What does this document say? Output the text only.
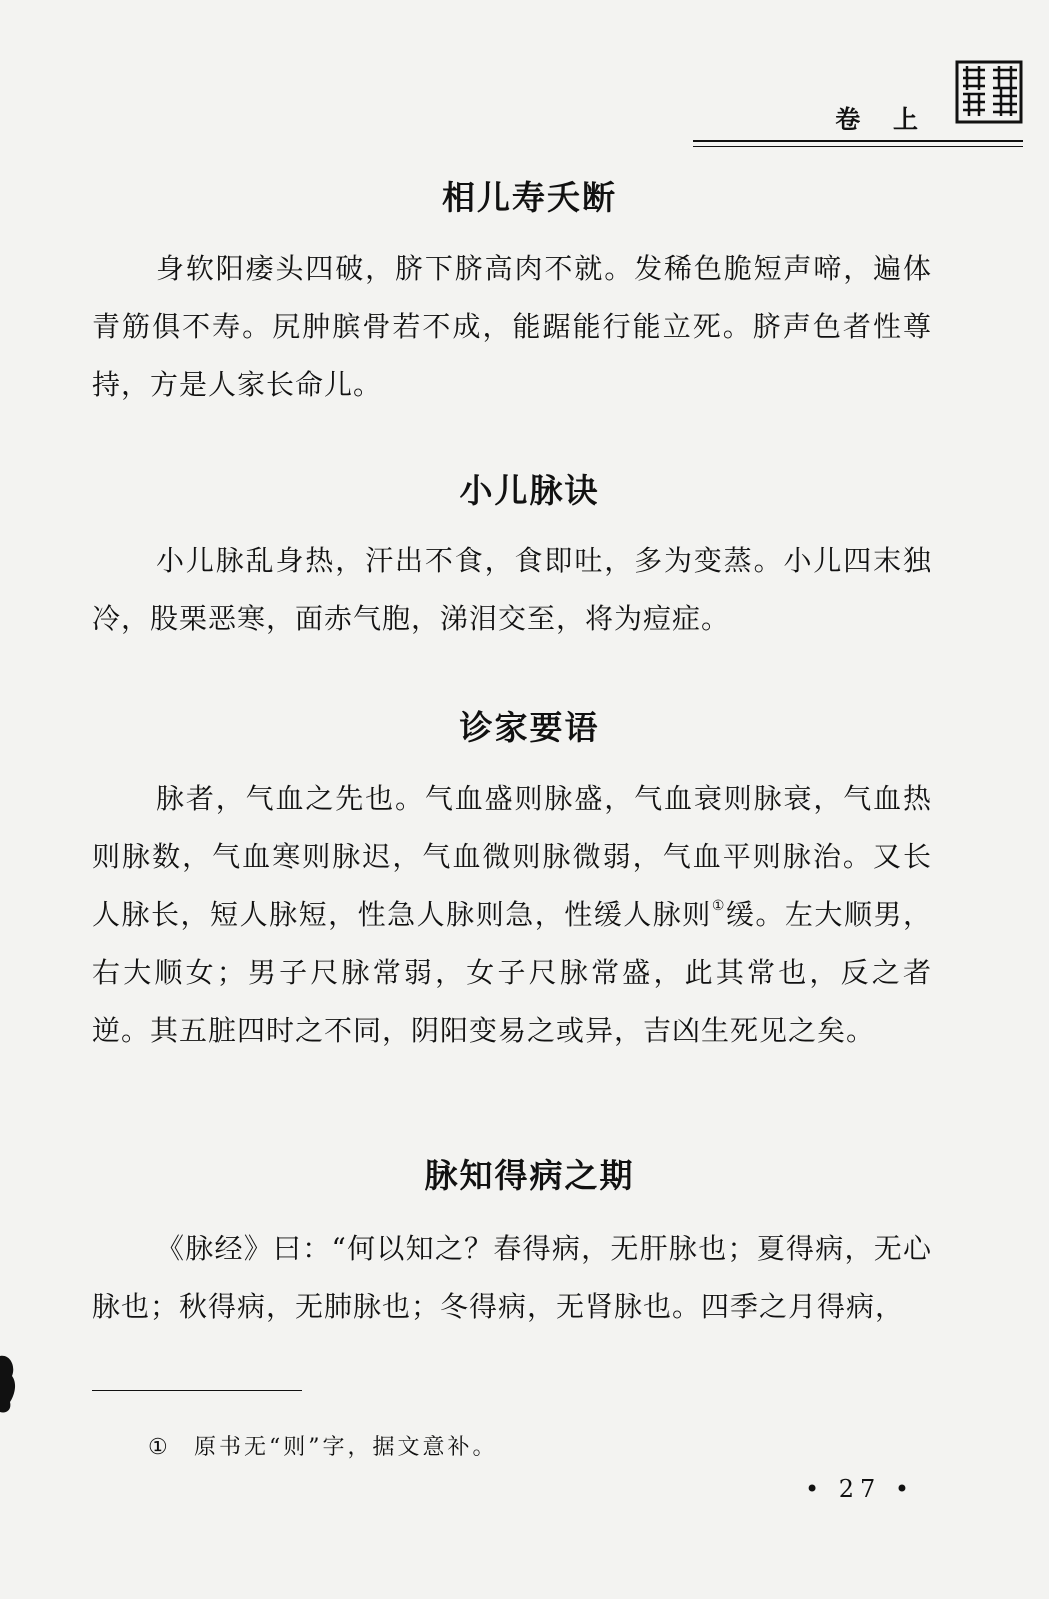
卷 上
相儿寿夭断
身软阳痿头四破，脐下脐高肉不就。发稀色脆短声啼，遍体青筋俱不寿。尻肿膑骨若不成，能踞能行能立死。脐声色者性尊持，方是人家长命儿。
小儿脉诀
小儿脉乱身热，汗出不食，食即吐，多为变蒸。小儿四末独冷，股栗恶寒，面赤气胞，涕泪交至，将为痘症。
诊家要语
脉者，气血之先也。气血盛则脉盛，气血衰则脉衰，气血热则脉数，气血寒则脉迟，气血微则脉微弱，气血平则脉治。又长人脉长，短人脉短，性急人脉则急，性缓人脉则①缓。左大顺男，右大顺女；男子尺脉常弱，女子尺脉常盛，此其常也，反之者逆。其五脏四时之不同，阴阳变易之或异，吉凶生死见之矣。
脉知得病之期
《脉经》曰：“何以知之？春得病，无肝脉也；夏得病，无心脉也；秋得病，无肺脉也；冬得病，无肾脉也。四季之月得病，
① 原书无“则”字，据文意补。
• 27 •
